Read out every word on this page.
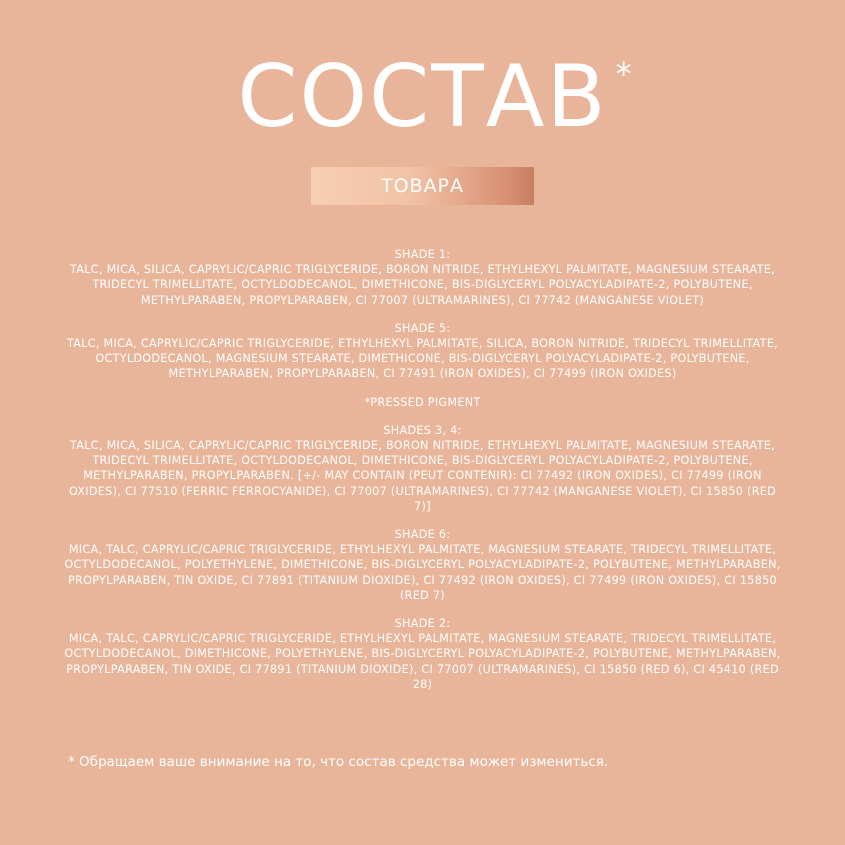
СОСТАВ *
ТОВАРА
SHADE 1:
TALC, MICA, SILICA, CAPRYLIC/CAPRIC TRIGLYCERIDE, BORON NITRIDE, ETHYLHEXYL PALMITATE, MAGNESIUM STEARATE, TRIDECYL TRIMELLITATE, OCTYLDODECANOL, DIMETHICONE, BIS-DIGLYCERYL POLYACYLADIPATE-2, POLYBUTENE, METHYLPARABEN, PROPYLPARABEN, CI 77007 (ULTRAMARINES), CI 77742 (MANGANESE VIOLET)
SHADE 5:
TALC, MICA, CAPRYLIC/CAPRIC TRIGLYCERIDE, ETHYLHEXYL PALMITATE, SILICA, BORON NITRIDE, TRIDECYL TRIMELLITATE, OCTYLDODECANOL, MAGNESIUM STEARATE, DIMETHICONE, BIS-DIGLYCERYL POLYACYLADIPATE-2, POLYBUTENE, METHYLPARABEN, PROPYLPARABEN, CI 77491 (IRON OXIDES), CI 77499 (IRON OXIDES)
*PRESSED PIGMENT
SHADES 3, 4:
TALC, MICA, SILICA, CAPRYLIC/CAPRIC TRIGLYCERIDE, BORON NITRIDE, ETHYLHEXYL PALMITATE, MAGNESIUM STEARATE, TRIDECYL TRIMELLITATE, OCTYLDODECANOL, DIMETHICONE, BIS-DIGLYCERYL POLYACYLADIPATE-2, POLYBUTENE, METHYLPARABEN, PROPYLPARABEN. [+/- MAY CONTAIN (PEUT CONTENIR): CI 77492 (IRON OXIDES), CI 77499 (IRON OXIDES), CI 77510 (FERRIC FERROCYANIDE), CI 77007 (ULTRAMARINES), CI 77742 (MANGANESE VIOLET), CI 15850 (RED 7)]
SHADE 6:
MICA, TALC, CAPRYLIC/CAPRIC TRIGLYCERIDE, ETHYLHEXYL PALMITATE, MAGNESIUM STEARATE, TRIDECYL TRIMELLITATE, OCTYLDODECANOL, POLYETHYLENE, DIMETHICONE, BIS-DIGLYCERYL POLYACYLADIPATE-2, POLYBUTENE, METHYLPARABEN, PROPYLPARABEN, TIN OXIDE, CI 77891 (TITANIUM DIOXIDE), CI 77492 (IRON OXIDES), CI 77499 (IRON OXIDES), CI 15850 (RED 7)
SHADE 2:
MICA, TALC, CAPRYLIC/CAPRIC TRIGLYCERIDE, ETHYLHEXYL PALMITATE, MAGNESIUM STEARATE, TRIDECYL TRIMELLITATE, OCTYLDODECANOL, DIMETHICONE, POLYETHYLENE, BIS-DIGLYCERYL POLYACYLADIPATE-2, POLYBUTENE, METHYLPARABEN, PROPYLPARABEN, TIN OXIDE, CI 77891 (TITANIUM DIOXIDE), CI 77007 (ULTRAMARINES), CI 15850 (RED 6), CI 45410 (RED 28)
* Обращаем ваше внимание на то, что состав средства может измениться.
